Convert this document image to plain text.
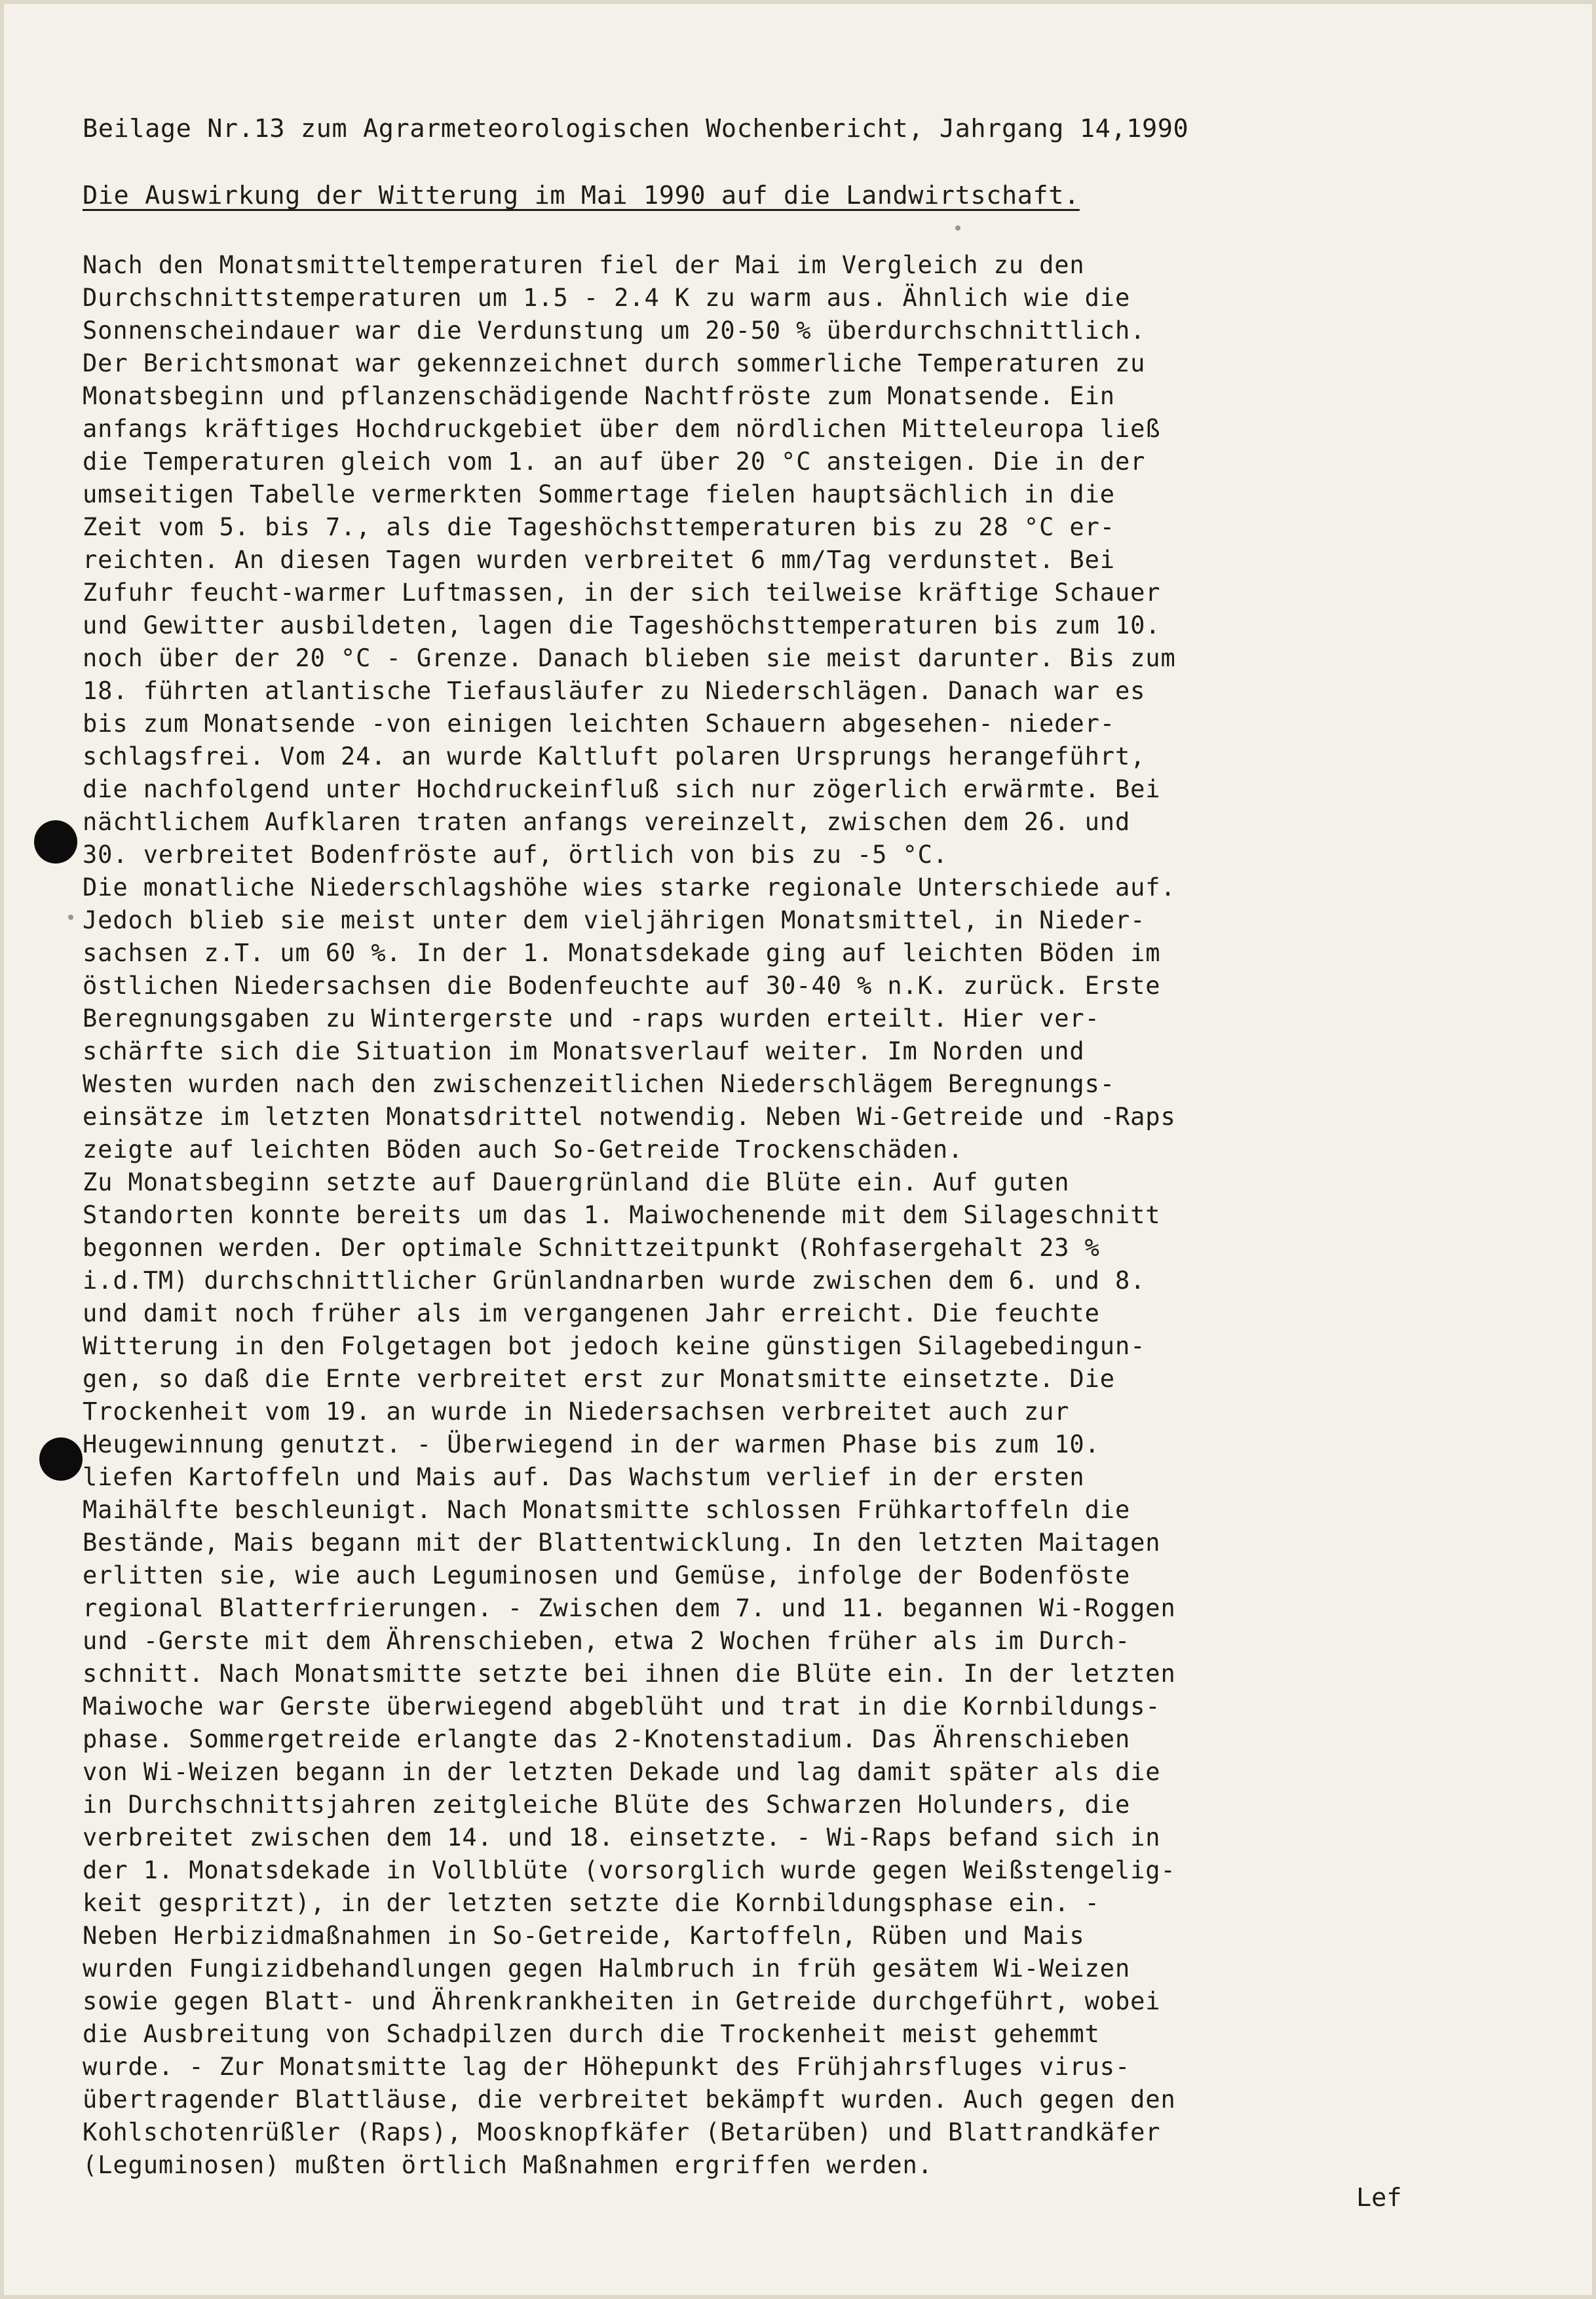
Beilage Nr.13 zum Agrarmeteorologischen Wochenbericht, Jahrgang 14,1990
Die Auswirkung der Witterung im Mai 1990 auf die Landwirtschaft.
Nach den Monatsmitteltemperaturen fiel der Mai im Vergleich zu den
Durchschnittstemperaturen um 1.5 - 2.4 K zu warm aus. Ähnlich wie die
Sonnenscheindauer war die Verdunstung um 20-50 % überdurchschnittlich.
Der Berichtsmonat war gekennzeichnet durch sommerliche Temperaturen zu
Monatsbeginn und pflanzenschädigende Nachtfröste zum Monatsende. Ein
anfangs kräftiges Hochdruckgebiet über dem nördlichen Mitteleuropa ließ
die Temperaturen gleich vom 1. an auf über 20 °C ansteigen. Die in der
umseitigen Tabelle vermerkten Sommertage fielen hauptsächlich in die
Zeit vom 5. bis 7., als die Tageshöchsttemperaturen bis zu 28 °C er-
reichten. An diesen Tagen wurden verbreitet 6 mm/Tag verdunstet. Bei
Zufuhr feucht-warmer Luftmassen, in der sich teilweise kräftige Schauer
und Gewitter ausbildeten, lagen die Tageshöchsttemperaturen bis zum 10.
noch über der 20 °C - Grenze. Danach blieben sie meist darunter. Bis zum
18. führten atlantische Tiefausläufer zu Niederschlägen. Danach war es
bis zum Monatsende -von einigen leichten Schauern abgesehen- nieder-
schlagsfrei. Vom 24. an wurde Kaltluft polaren Ursprungs herangeführt,
die nachfolgend unter Hochdruckeinfluß sich nur zögerlich erwärmte. Bei
nächtlichem Aufklaren traten anfangs vereinzelt, zwischen dem 26. und
30. verbreitet Bodenfröste auf, örtlich von bis zu -5 °C.
Die monatliche Niederschlagshöhe wies starke regionale Unterschiede auf.
Jedoch blieb sie meist unter dem vieljährigen Monatsmittel, in Nieder-
sachsen z.T. um 60 %. In der 1. Monatsdekade ging auf leichten Böden im
östlichen Niedersachsen die Bodenfeuchte auf 30-40 % n.K. zurück. Erste
Beregnungsgaben zu Wintergerste und -raps wurden erteilt. Hier ver-
schärfte sich die Situation im Monatsverlauf weiter. Im Norden und
Westen wurden nach den zwischenzeitlichen Niederschlägem Beregnungs-
einsätze im letzten Monatsdrittel notwendig. Neben Wi-Getreide und -Raps
zeigte auf leichten Böden auch So-Getreide Trockenschäden.
Zu Monatsbeginn setzte auf Dauergrünland die Blüte ein. Auf guten
Standorten konnte bereits um das 1. Maiwochenende mit dem Silageschnitt
begonnen werden. Der optimale Schnittzeitpunkt (Rohfasergehalt 23 %
i.d.TM) durchschnittlicher Grünlandnarben wurde zwischen dem 6. und 8.
und damit noch früher als im vergangenen Jahr erreicht. Die feuchte
Witterung in den Folgetagen bot jedoch keine günstigen Silagebedingun-
gen, so daß die Ernte verbreitet erst zur Monatsmitte einsetzte. Die
Trockenheit vom 19. an wurde in Niedersachsen verbreitet auch zur
Heugewinnung genutzt. - Überwiegend in der warmen Phase bis zum 10.
liefen Kartoffeln und Mais auf. Das Wachstum verlief in der ersten
Maihälfte beschleunigt. Nach Monatsmitte schlossen Frühkartoffeln die
Bestände, Mais begann mit der Blattentwicklung. In den letzten Maitagen
erlitten sie, wie auch Leguminosen und Gemüse, infolge der Bodenföste
regional Blatterfrierungen. - Zwischen dem 7. und 11. begannen Wi-Roggen
und -Gerste mit dem Ährenschieben, etwa 2 Wochen früher als im Durch-
schnitt. Nach Monatsmitte setzte bei ihnen die Blüte ein. In der letzten
Maiwoche war Gerste überwiegend abgeblüht und trat in die Kornbildungs-
phase. Sommergetreide erlangte das 2-Knotenstadium. Das Ährenschieben
von Wi-Weizen begann in der letzten Dekade und lag damit später als die
in Durchschnittsjahren zeitgleiche Blüte des Schwarzen Holunders, die
verbreitet zwischen dem 14. und 18. einsetzte. - Wi-Raps befand sich in
der 1. Monatsdekade in Vollblüte (vorsorglich wurde gegen Weißstengelig-
keit gespritzt), in der letzten setzte die Kornbildungsphase ein. -
Neben Herbizidmaßnahmen in So-Getreide, Kartoffeln, Rüben und Mais
wurden Fungizidbehandlungen gegen Halmbruch in früh gesätem Wi-Weizen
sowie gegen Blatt- und Ährenkrankheiten in Getreide durchgeführt, wobei
die Ausbreitung von Schadpilzen durch die Trockenheit meist gehemmt
wurde. - Zur Monatsmitte lag der Höhepunkt des Frühjahrsfluges virus-
übertragender Blattläuse, die verbreitet bekämpft wurden. Auch gegen den
Kohlschotenrüßler (Raps), Moosknopfkäfer (Betarüben) und Blattrandkäfer
(Leguminosen) mußten örtlich Maßnahmen ergriffen werden.
Lef
